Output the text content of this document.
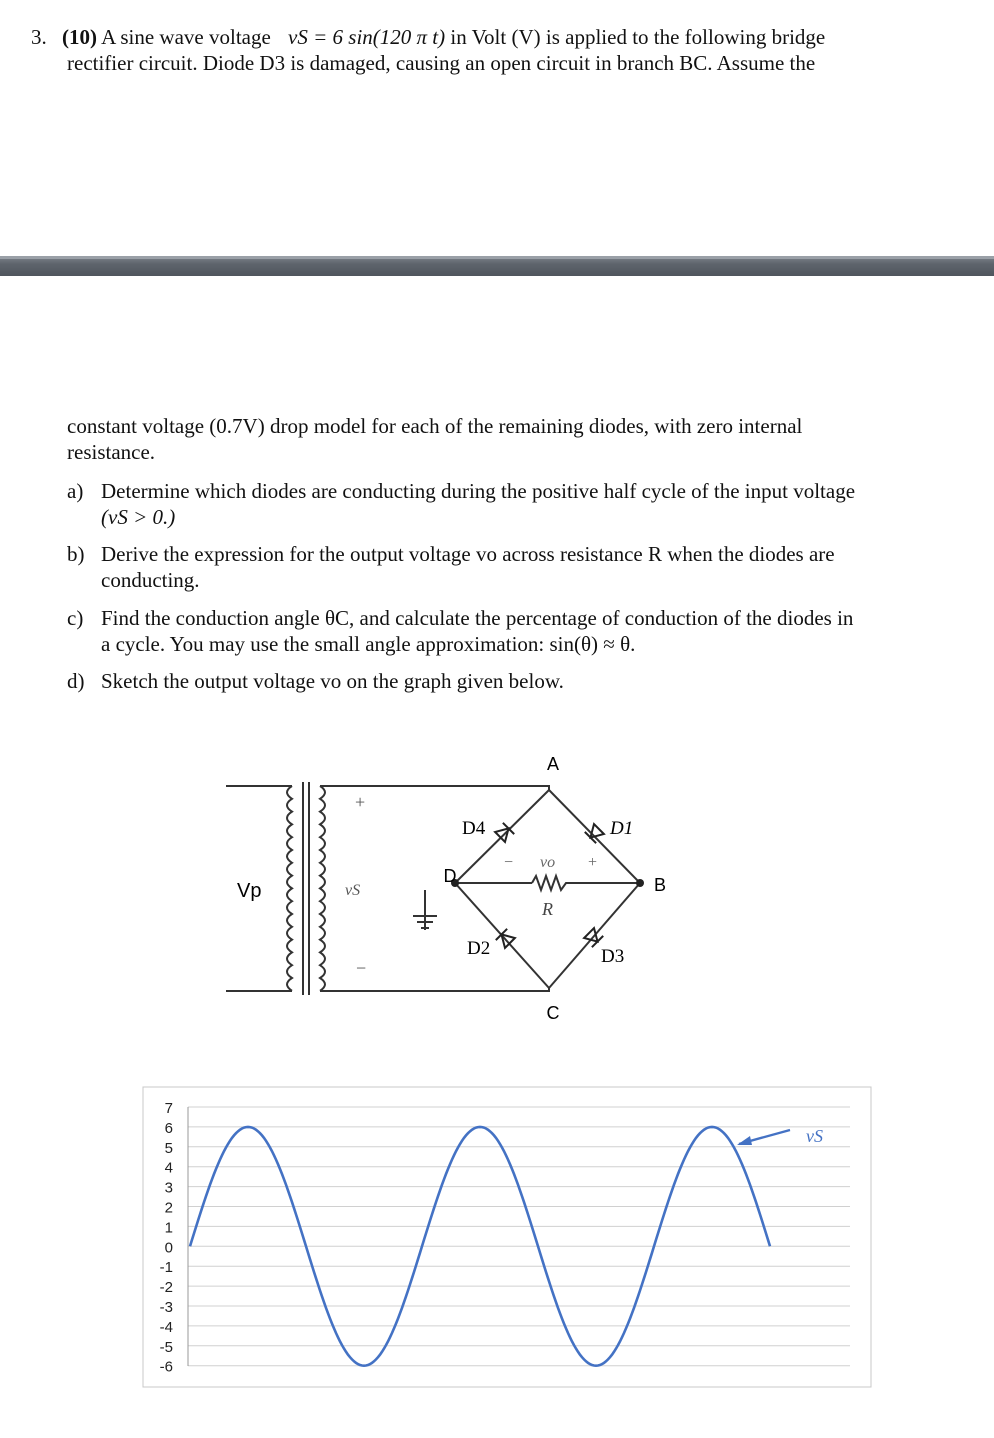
3. (10) A sine wave voltage vS = 6 sin(120 π t) in Volt (V) is applied to the following bridge
rectifier circuit. Diode D3 is damaged, causing an open circuit in branch BC. Assume the
constant voltage (0.7V) drop model for each of the remaining diodes, with zero internal
resistance.
a) Determine which diodes are conducting during the positive half cycle of the input voltage
(vS > 0.)
b) Derive the expression for the output voltage vo across resistance R when the diodes are
conducting.
c) Find the conduction angle θC, and calculate the percentage of conduction of the diodes in
a cycle. You may use the small angle approximation: sin(θ) ≈ θ.
d) Sketch the output voltage vo on the graph given below.
A
B
C
D
D4	D1
D2	D3
Vp	vS
+
−
− vo +
R
7
6
5
4
3
2
1
0
-1
-2
-3
-4
-5
-6
vS
